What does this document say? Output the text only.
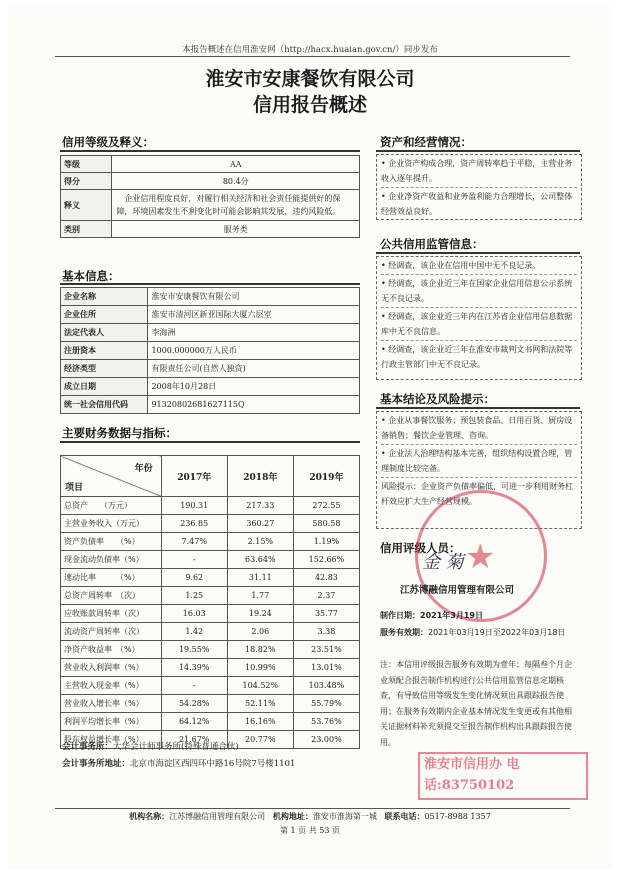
本报告概述在信用淮安网（http://hacx.huaian.gov.cn/）同步发布
淮安市安康餐饮有限公司
信用报告概述
信用等级及释义：
等级	AA
得分	80.4分
释义	企业信用程度良好，对履行相关经济和社会责任能提供好的保障，环境因素发生不利变化时可能会影响其发展，违约风险低。
类别	服务类
基本信息：
企业名称	淮安市安康餐饮有限公司
企业住所	淮安市清河区新亚国际大厦六层室
法定代表人	李海洲
注册资本	1000.000000万人民币
经济类型	有限责任公司(自然人独资)
成立日期	2008年10月28日
统一社会信用代码	91320802681627115Q
主要财务数据与指标：
年份
项目	2017年	2018年	2019年
总资产　　（万元）	190.31	217.33	272.55
主营业务收入（万元）	236.85	360.27	580.58
资产负债率　　（%）	7.47%	2.15%	1.19%
现金流动负债率（%）	-	63.64%	152.66%
速动比率　　　（%）	9.62	31.11	42.83
总资产周转率　（次）	1.25	1.77	2.37
应收账款周转率（次）	16.03	19.24	35.77
流动资产周转率（次）	1.42	2.06	3.38
净资产收益率　（%）	19.55%	18.82%	23.51%
营业收入利润率（%）	14.39%	10.99%	13.01%
主营收入现金率（%）	-	104.52%	103.48%
营业收入增长率（%）	54.28%	52.11%	55.79%
利润平均增长率（%）	64.12%	16.16%	53.76%
股东权益增长率（%）	21.67%	20.77%	23.00%
会计事务所：大华会计师事务所(特殊普通合伙)
会计事务所地址：北京市海淀区西四环中路16号院7号楼1101
资产和经营情况：

• 企业资产构成合理，资产周转率趋于平稳，主营业务收入逐年提升。

• 企业净资产收益和业务盈利能力合理增长，公司整体经营效益良好。

公共信用监管信息：

• 经调查，该企业在信用中国中无不良记录。

• 经调查，该企业近三年在国家企业信用信息公示系统无不良记录。

• 经调查，该企业近三年内在江苏省企业信用信息数据库中无不良信息。

• 经调查，该企业近三年在淮安市裁判文书网和法院等行政主管部门中无不良记录。

基本结论及风险提示：

• 企业从事餐饮服务；预包装食品、日用百货、厨房设备销售；餐饮企业管理、咨询。

• 企业法人治理结构基本完善，组织结构设置合理，管理制度比较完备。

风险提示：企业资产负债率偏低，可进一步利用财务杠杆效应扩大生产经营规模。

信用评级人员： ★
金 菊
江苏博融信用管理有限公司
制作日期：2021年3月19日
服务有效期：2021年03月19日至2022年03月18日
注：本信用评级报告服务有效期为壹年；每隔叁个月企业须配合报告制作机构进行公共信用监管信息定期核查，有导致信用等级发生变化情况须出具跟踪报告使用；在服务有效期内企业基本情况发生变更或有其他相关证据材料补充须提交至报告制作机构出具跟踪报告使用。
淮安市信用办 电话:83750102
机构名称：江苏博融信用管理有限公司 机构地址：淮安市淮海第一城 联系电话：0517-8988 1357
第 1 页 共 53 页
